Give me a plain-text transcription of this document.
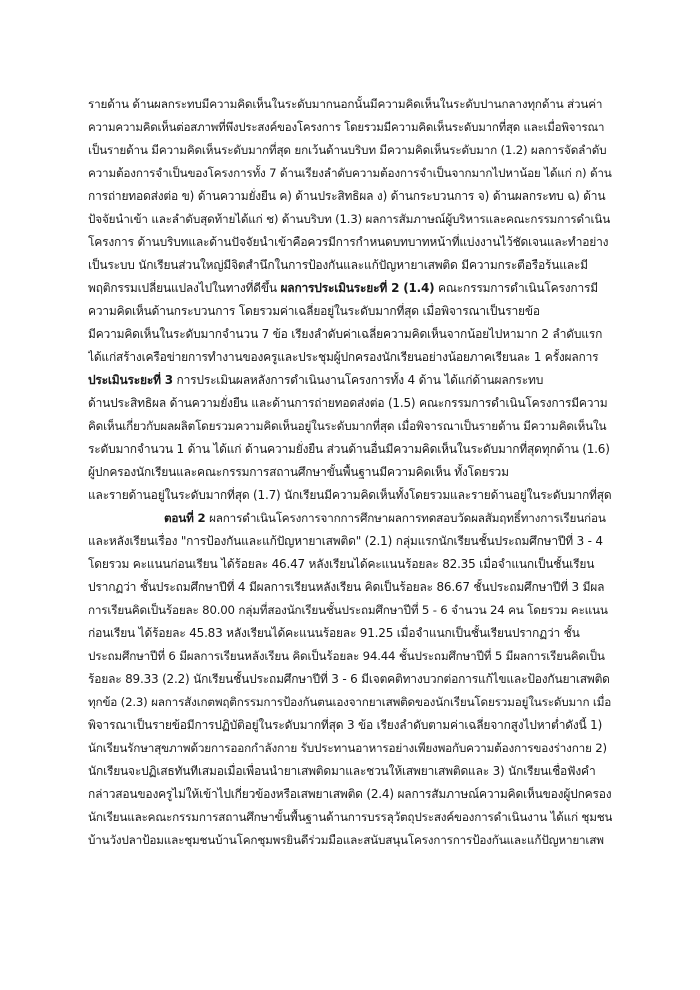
รายด้าน ด้านผลกระทบมีความคิดเห็นในระดับมากนอกนั้นมีความคิดเห็นในระดับปานกลางทุกด้าน ส่วนค่า
ความความคิดเห็นต่อสภาพที่พึงประสงค์ของโครงการ โดยรวมมีความคิดเห็นระดับมากที่สุด และเมื่อพิจารณา
เป็นรายด้าน มีความคิดเห็นระดับมากที่สุด ยกเว้นด้านบริบท มีความคิดเห็นระดับมาก (1.2) ผลการจัดลำดับ
ความต้องการจำเป็นของโครงการทั้ง 7 ด้านเรียงลำดับความต้องการจำเป็นจากมากไปหาน้อย ได้แก่ ก) ด้าน
การถ่ายทอดส่งต่อ ข) ด้านความยั่งยืน ค) ด้านประสิทธิผล ง) ด้านกระบวนการ จ) ด้านผลกระทบ ฉ) ด้าน
ปัจจัยนำเข้า และลำดับสุดท้ายได้แก่ ช) ด้านบริบท (1.3) ผลการสัมภาษณ์ผู้บริหารและคณะกรรมการดำเนิน
โครงการ ด้านบริบทและด้านปัจจัยนำเข้าคือควรมีการกำหนดบทบาทหน้าที่แบ่งงานไว้ชัดเจนและทำอย่าง
เป็นระบบ นักเรียนส่วนใหญ่มีจิตสำนึกในการป้องกันและแก้ปัญหายาเสพติด มีความกระตือรือร้นและมี
พฤติกรรมเปลี่ยนแปลงไปในทางที่ดีขึ้น ผลการประเมินระยะที่ 2 (1.4) คณะกรรมการดำเนินโครงการมี
ความคิดเห็นด้านกระบวนการ โดยรวมค่าเฉลี่ยอยู่ในระดับมากที่สุด เมื่อพิจารณาเป็นรายข้อ
มีความคิดเห็นในระดับมากจำนวน 7 ข้อ เรียงลำดับค่าเฉลี่ยความคิดเห็นจากน้อยไปหามาก 2 ลำดับแรก
ได้แก่สร้างเครือข่ายการทำงานของครูและประชุมผู้ปกครองนักเรียนอย่างน้อยภาคเรียนละ 1 ครั้งผลการ
ประเมินระยะที่ 3 การประเมินผลหลังการดำเนินงานโครงการทั้ง 4 ด้าน ได้แก่ด้านผลกระทบ
ด้านประสิทธิผล ด้านความยั่งยืน และด้านการถ่ายทอดส่งต่อ (1.5) คณะกรรมการดำเนินโครงการมีความ
คิดเห็นเกี่ยวกับผลผลิตโดยรวมความคิดเห็นอยู่ในระดับมากที่สุด เมื่อพิจารณาเป็นรายด้าน มีความคิดเห็นใน
ระดับมากจำนวน 1 ด้าน ได้แก่ ด้านความยั่งยืน ส่วนด้านอื่นมีความคิดเห็นในระดับมากที่สุดทุกด้าน (1.6)
ผู้ปกครองนักเรียนและคณะกรรมการสถานศึกษาขั้นพื้นฐานมีความคิดเห็น ทั้งโดยรวม
และรายด้านอยู่ในระดับมากที่สุด (1.7) นักเรียนมีความคิดเห็นทั้งโดยรวมและรายด้านอยู่ในระดับมากที่สุด
ตอนที่ 2 ผลการดำเนินโครงการจากการศึกษาผลการทดสอบวัดผลสัมฤทธิ์ทางการเรียนก่อน
และหลังเรียนเรื่อง "การป้องกันและแก้ปัญหายาเสพติด" (2.1) กลุ่มแรกนักเรียนชั้นประถมศึกษาปีที่ 3 - 4
โดยรวม คะแนนก่อนเรียน ได้ร้อยละ 46.47 หลังเรียนได้คะแนนร้อยละ 82.35 เมื่อจำแนกเป็นชั้นเรียน
ปรากฏว่า ชั้นประถมศึกษาปีที่ 4 มีผลการเรียนหลังเรียน คิดเป็นร้อยละ 86.67 ชั้นประถมศึกษาปีที่ 3 มีผล
การเรียนคิดเป็นร้อยละ 80.00 กลุ่มที่สองนักเรียนชั้นประถมศึกษาปีที่ 5 - 6 จำนวน 24 คน โดยรวม คะแนน
ก่อนเรียน ได้ร้อยละ 45.83 หลังเรียนได้คะแนนร้อยละ 91.25 เมื่อจำแนกเป็นชั้นเรียนปรากฏว่า ชั้น
ประถมศึกษาปีที่ 6 มีผลการเรียนหลังเรียน คิดเป็นร้อยละ 94.44 ชั้นประถมศึกษาปีที่ 5 มีผลการเรียนคิดเป็น
ร้อยละ 89.33 (2.2) นักเรียนชั้นประถมศึกษาปีที่ 3 - 6 มีเจตคติทางบวกต่อการแก้ไขและป้องกันยาเสพติด
ทุกข้อ (2.3) ผลการสังเกตพฤติกรรมการป้องกันตนเองจากยาเสพติดของนักเรียนโดยรวมอยู่ในระดับมาก เมื่อ
พิจารณาเป็นรายข้อมีการปฏิบัติอยู่ในระดับมากที่สุด 3 ข้อ เรียงลำดับตามค่าเฉลี่ยจากสูงไปหาต่ำดังนี้ 1)
นักเรียนรักษาสุขภาพด้วยการออกกำลังกาย รับประทานอาหารอย่างเพียงพอกับความต้องการของร่างกาย 2)
นักเรียนจะปฏิเสธทันทีเสมอเมื่อเพื่อนนำยาเสพติดมาและชวนให้เสพยาเสพติดและ 3) นักเรียนเชื่อฟังคำ
กล่าวสอนของครูไม่ให้เข้าไปเกี่ยวข้องหรือเสพยาเสพติด (2.4) ผลการสัมภาษณ์ความคิดเห็นของผู้ปกครอง
นักเรียนและคณะกรรมการสถานศึกษาขั้นพื้นฐานด้านการบรรลุวัตถุประสงค์ของการดำเนินงาน ได้แก่ ชุมชน
บ้านวังปลาป้อมและชุมชนบ้านโคกชุมพรยินดีร่วมมือและสนับสนุนโครงการการป้องกันและแก้ปัญหายาเสพ
